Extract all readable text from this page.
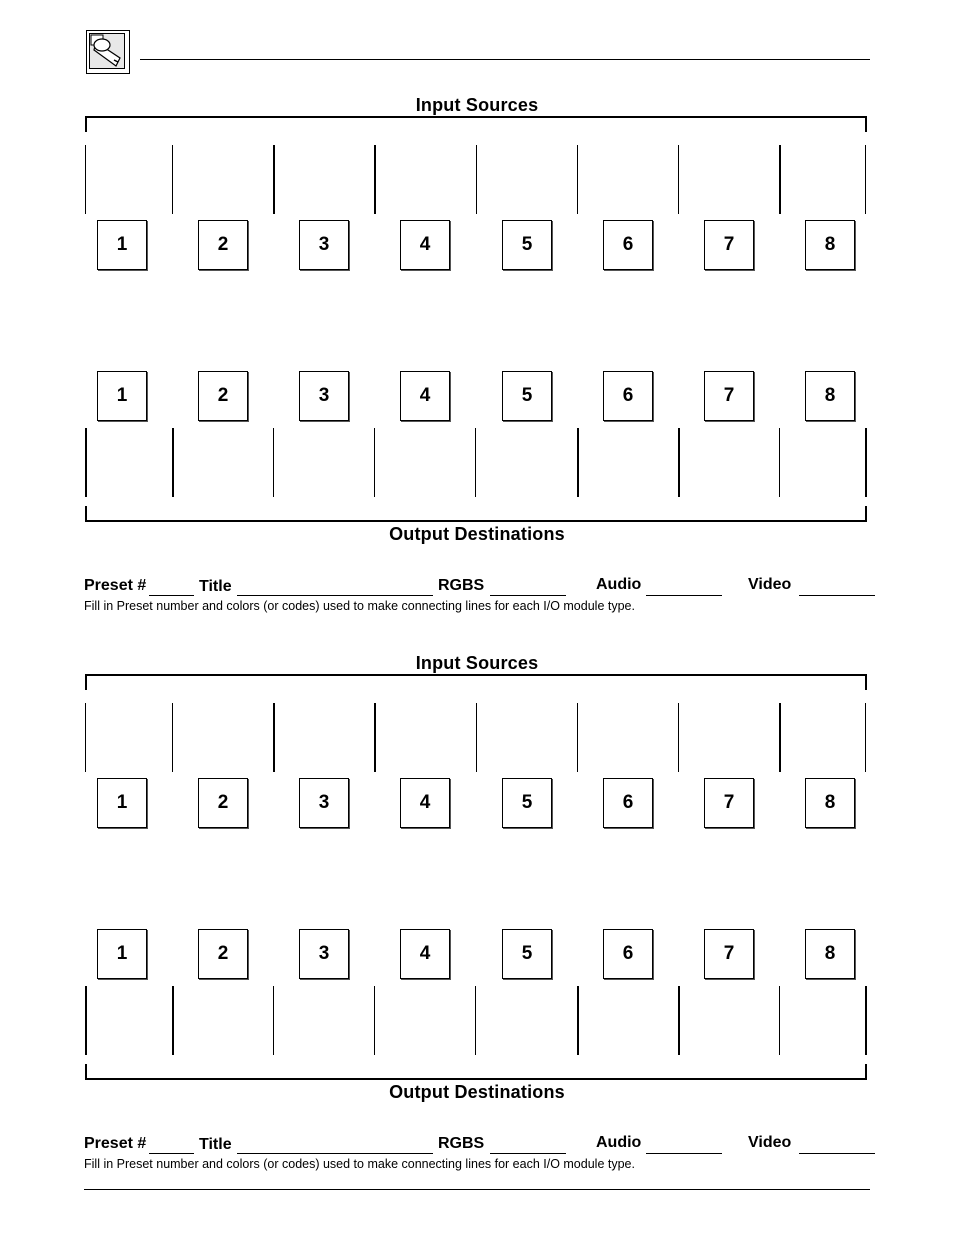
Input Sources
1	2	3	4	5	6	7	8
1	2	3	4	5	6	7	8
Output Destinations
Preset #	Title	RGBS	Audio	Video
Fill in Preset number and colors (or codes) used to make connecting lines for each I/O module type.
Input Sources
1	2	3	4	5	6	7	8
1	2	3	4	5	6	7	8
Output Destinations
Preset #	Title	RGBS	Audio	Video
Fill in Preset number and colors (or codes) used to make connecting lines for each I/O module type.
